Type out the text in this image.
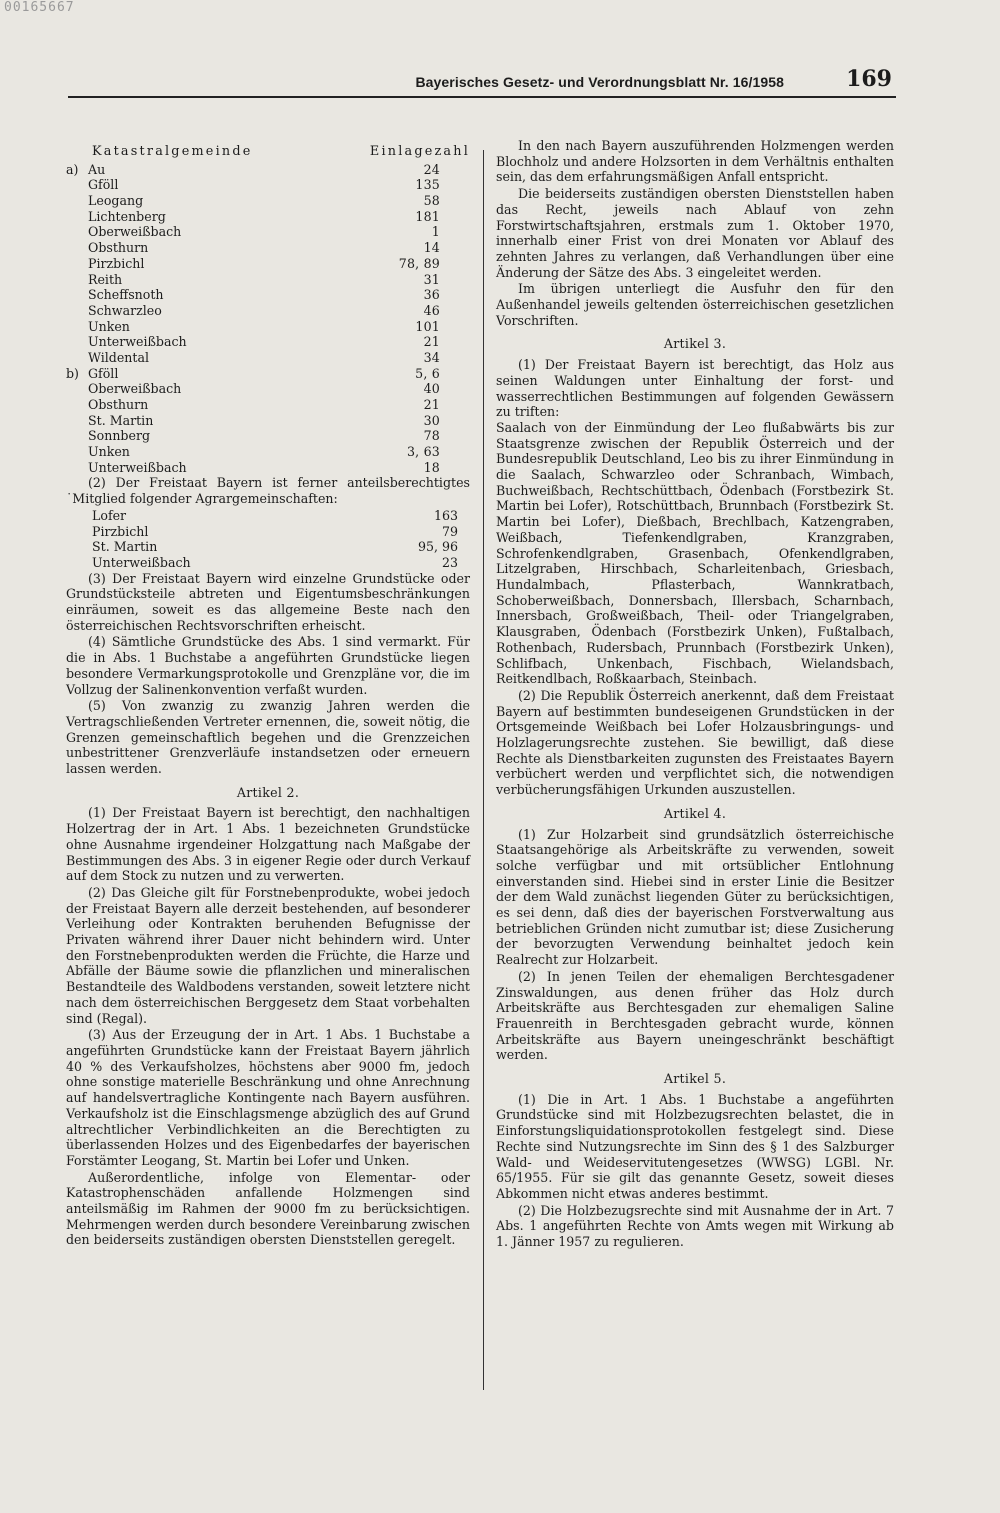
00165667
Bayerisches Gesetz- und Verordnungsblatt Nr. 16/1958	169
Katastralgemeinde	Einlagezahl
a) Au	24
Gföll	135
Leogang	58
Lichtenberg	181
Oberweißbach	1
Obsthurn	14
Pirzbichl	78, 89
Reith	31
Scheffsnoth	36
Schwarzleo	46
Unken	101
Unterweißbach	21
Wildental	34
b) Gföll	5, 6
Oberweißbach	40
Obsthurn	21
St. Martin	30
Sonnberg	78
Unken	3, 63
Unterweißbach	18

(2) Der Freistaat Bayern ist ferner anteilsberechtigtes ˙Mitglied folgender Agrargemeinschaften:

Lofer	163
Pirzbichl	79
St. Martin	95, 96
Unterweißbach	23

(3) Der Freistaat Bayern wird einzelne Grundstücke oder Grundstücksteile abtreten und Eigentumsbeschränkungen einräumen, soweit es das allgemeine Beste nach den österreichischen Rechtsvorschriften erheischt.

(4) Sämtliche Grundstücke des Abs. 1 sind vermarkt. Für die in Abs. 1 Buchstabe a angeführten Grundstücke liegen besondere Vermarkungsprotokolle und Grenzpläne vor, die im Vollzug der Salinenkonvention verfaßt wurden.

(5) Von zwanzig zu zwanzig Jahren werden die Vertragschließenden Vertreter ernennen, die, soweit nötig, die Grenzen gemeinschaftlich begehen und die Grenzzeichen unbestrittener Grenzverläufe instandsetzen oder erneuern lassen werden.

Artikel 2.

(1) Der Freistaat Bayern ist berechtigt, den nachhaltigen Holzertrag der in Art. 1 Abs. 1 bezeichneten Grundstücke ohne Ausnahme irgendeiner Holzgattung nach Maßgabe der Bestimmungen des Abs. 3 in eigener Regie oder durch Verkauf auf dem Stock zu nutzen und zu verwerten.

(2) Das Gleiche gilt für Forstnebenprodukte, wobei jedoch der Freistaat Bayern alle derzeit bestehenden, auf besonderer Verleihung oder Kontrakten beruhenden Befugnisse der Privaten während ihrer Dauer nicht behindern wird. Unter den Forstnebenprodukten werden die Früchte, die Harze und Abfälle der Bäume sowie die pflanzlichen und mineralischen Bestandteile des Waldbodens verstanden, soweit letztere nicht nach dem österreichischen Berggesetz dem Staat vorbehalten sind (Regal).

(3) Aus der Erzeugung der in Art. 1 Abs. 1 Buchstabe a angeführten Grundstücke kann der Freistaat Bayern jährlich 40 % des Verkaufsholzes, höchstens aber 9000 fm, jedoch ohne sonstige materielle Beschränkung und ohne Anrechnung auf handelsvertragliche Kontingente nach Bayern ausführen. Verkaufsholz ist die Einschlagsmenge abzüglich des auf Grund altrechtlicher Verbindlichkeiten an die Berechtigten zu überlassenden Holzes und des Eigenbedarfes der bayerischen Forstämter Leogang, St. Martin bei Lofer und Unken.

Außerordentliche, infolge von Elementar- oder Katastrophenschäden anfallende Holzmengen sind anteilsmäßig im Rahmen der 9000 fm zu berücksichtigen. Mehrmengen werden durch besondere Vereinbarung zwischen den beiderseits zuständigen obersten Dienststellen geregelt.

In den nach Bayern auszuführenden Holzmengen werden Blochholz und andere Holzsorten in dem Verhältnis enthalten sein, das dem erfahrungsmäßigen Anfall entspricht.

Die beiderseits zuständigen obersten Dienststellen haben das Recht, jeweils nach Ablauf von zehn Forstwirtschaftsjahren, erstmals zum 1. Oktober 1970, innerhalb einer Frist von drei Monaten vor Ablauf des zehnten Jahres zu verlangen, daß Verhandlungen über eine Änderung der Sätze des Abs. 3 eingeleitet werden.

Im übrigen unterliegt die Ausfuhr den für den Außenhandel jeweils geltenden österreichischen gesetzlichen Vorschriften.

Artikel 3.

(1) Der Freistaat Bayern ist berechtigt, das Holz aus seinen Waldungen unter Einhaltung der forst- und wasserrechtlichen Bestimmungen auf folgenden Gewässern zu triften:

Saalach von der Einmündung der Leo flußabwärts bis zur Staatsgrenze zwischen der Republik Österreich und der Bundesrepublik Deutschland, Leo bis zu ihrer Einmündung in die Saalach, Schwarzleo oder Schranbach, Wimbach, Buchweißbach, Rechtschüttbach, Ödenbach (Forstbezirk St. Martin bei Lofer), Rotschüttbach, Brunnbach (Forstbezirk St. Martin bei Lofer), Dießbach, Brechlbach, Katzengraben, Weißbach, Tiefenkendlgraben, Kranzgraben, Schrofenkendlgraben, Grasenbach, Ofenkendlgraben, Litzelgraben, Hirschbach, Scharleitenbach, Griesbach, Hundalmbach, Pflasterbach, Wannkratbach, Schoberweißbach, Donnersbach, Illersbach, Scharnbach, Innersbach, Großweißbach, Theil- oder Triangelgraben, Klausgraben, Ödenbach (Forstbezirk Unken), Fußtalbach, Rothenbach, Rudersbach, Prunnbach (Forstbezirk Unken), Schlifbach, Unkenbach, Fischbach, Wielandsbach, Reitkendlbach, Roßkaarbach, Steinbach.

(2) Die Republik Österreich anerkennt, daß dem Freistaat Bayern auf bestimmten bundeseigenen Grundstücken in der Ortsgemeinde Weißbach bei Lofer Holzausbringungs- und Holzlagerungsrechte zustehen. Sie bewilligt, daß diese Rechte als Dienstbarkeiten zugunsten des Freistaates Bayern verbüchert werden und verpflichtet sich, die notwendigen verbücherungsfähigen Urkunden auszustellen.

Artikel 4.

(1) Zur Holzarbeit sind grundsätzlich österreichische Staatsangehörige als Arbeitskräfte zu verwenden, soweit solche verfügbar und mit ortsüblicher Entlohnung einverstanden sind. Hiebei sind in erster Linie die Besitzer der dem Wald zunächst liegenden Güter zu berücksichtigen, es sei denn, daß dies der bayerischen Forstverwaltung aus betrieblichen Gründen nicht zumutbar ist; diese Zusicherung der bevorzugten Verwendung beinhaltet jedoch kein Realrecht zur Holzarbeit.

(2) In jenen Teilen der ehemaligen Berchtesgadener Zinswaldungen, aus denen früher das Holz durch Arbeitskräfte aus Berchtesgaden zur ehemaligen Saline Frauenreith in Berchtesgaden gebracht wurde, können Arbeitskräfte aus Bayern uneingeschränkt beschäftigt werden.

Artikel 5.

(1) Die in Art. 1 Abs. 1 Buchstabe a angeführten Grundstücke sind mit Holzbezugsrechten belastet, die in Einforstungsliquidationsprotokollen festgelegt sind. Diese Rechte sind Nutzungsrechte im Sinn des § 1 des Salzburger Wald- und Weideservitutengesetzes (WWSG) LGBl. Nr. 65/1955. Für sie gilt das genannte Gesetz, soweit dieses Abkommen nicht etwas anderes bestimmt.

(2) Die Holzbezugsrechte sind mit Ausnahme der in Art. 7 Abs. 1 angeführten Rechte von Amts wegen mit Wirkung ab 1. Jänner 1957 zu regulieren.
